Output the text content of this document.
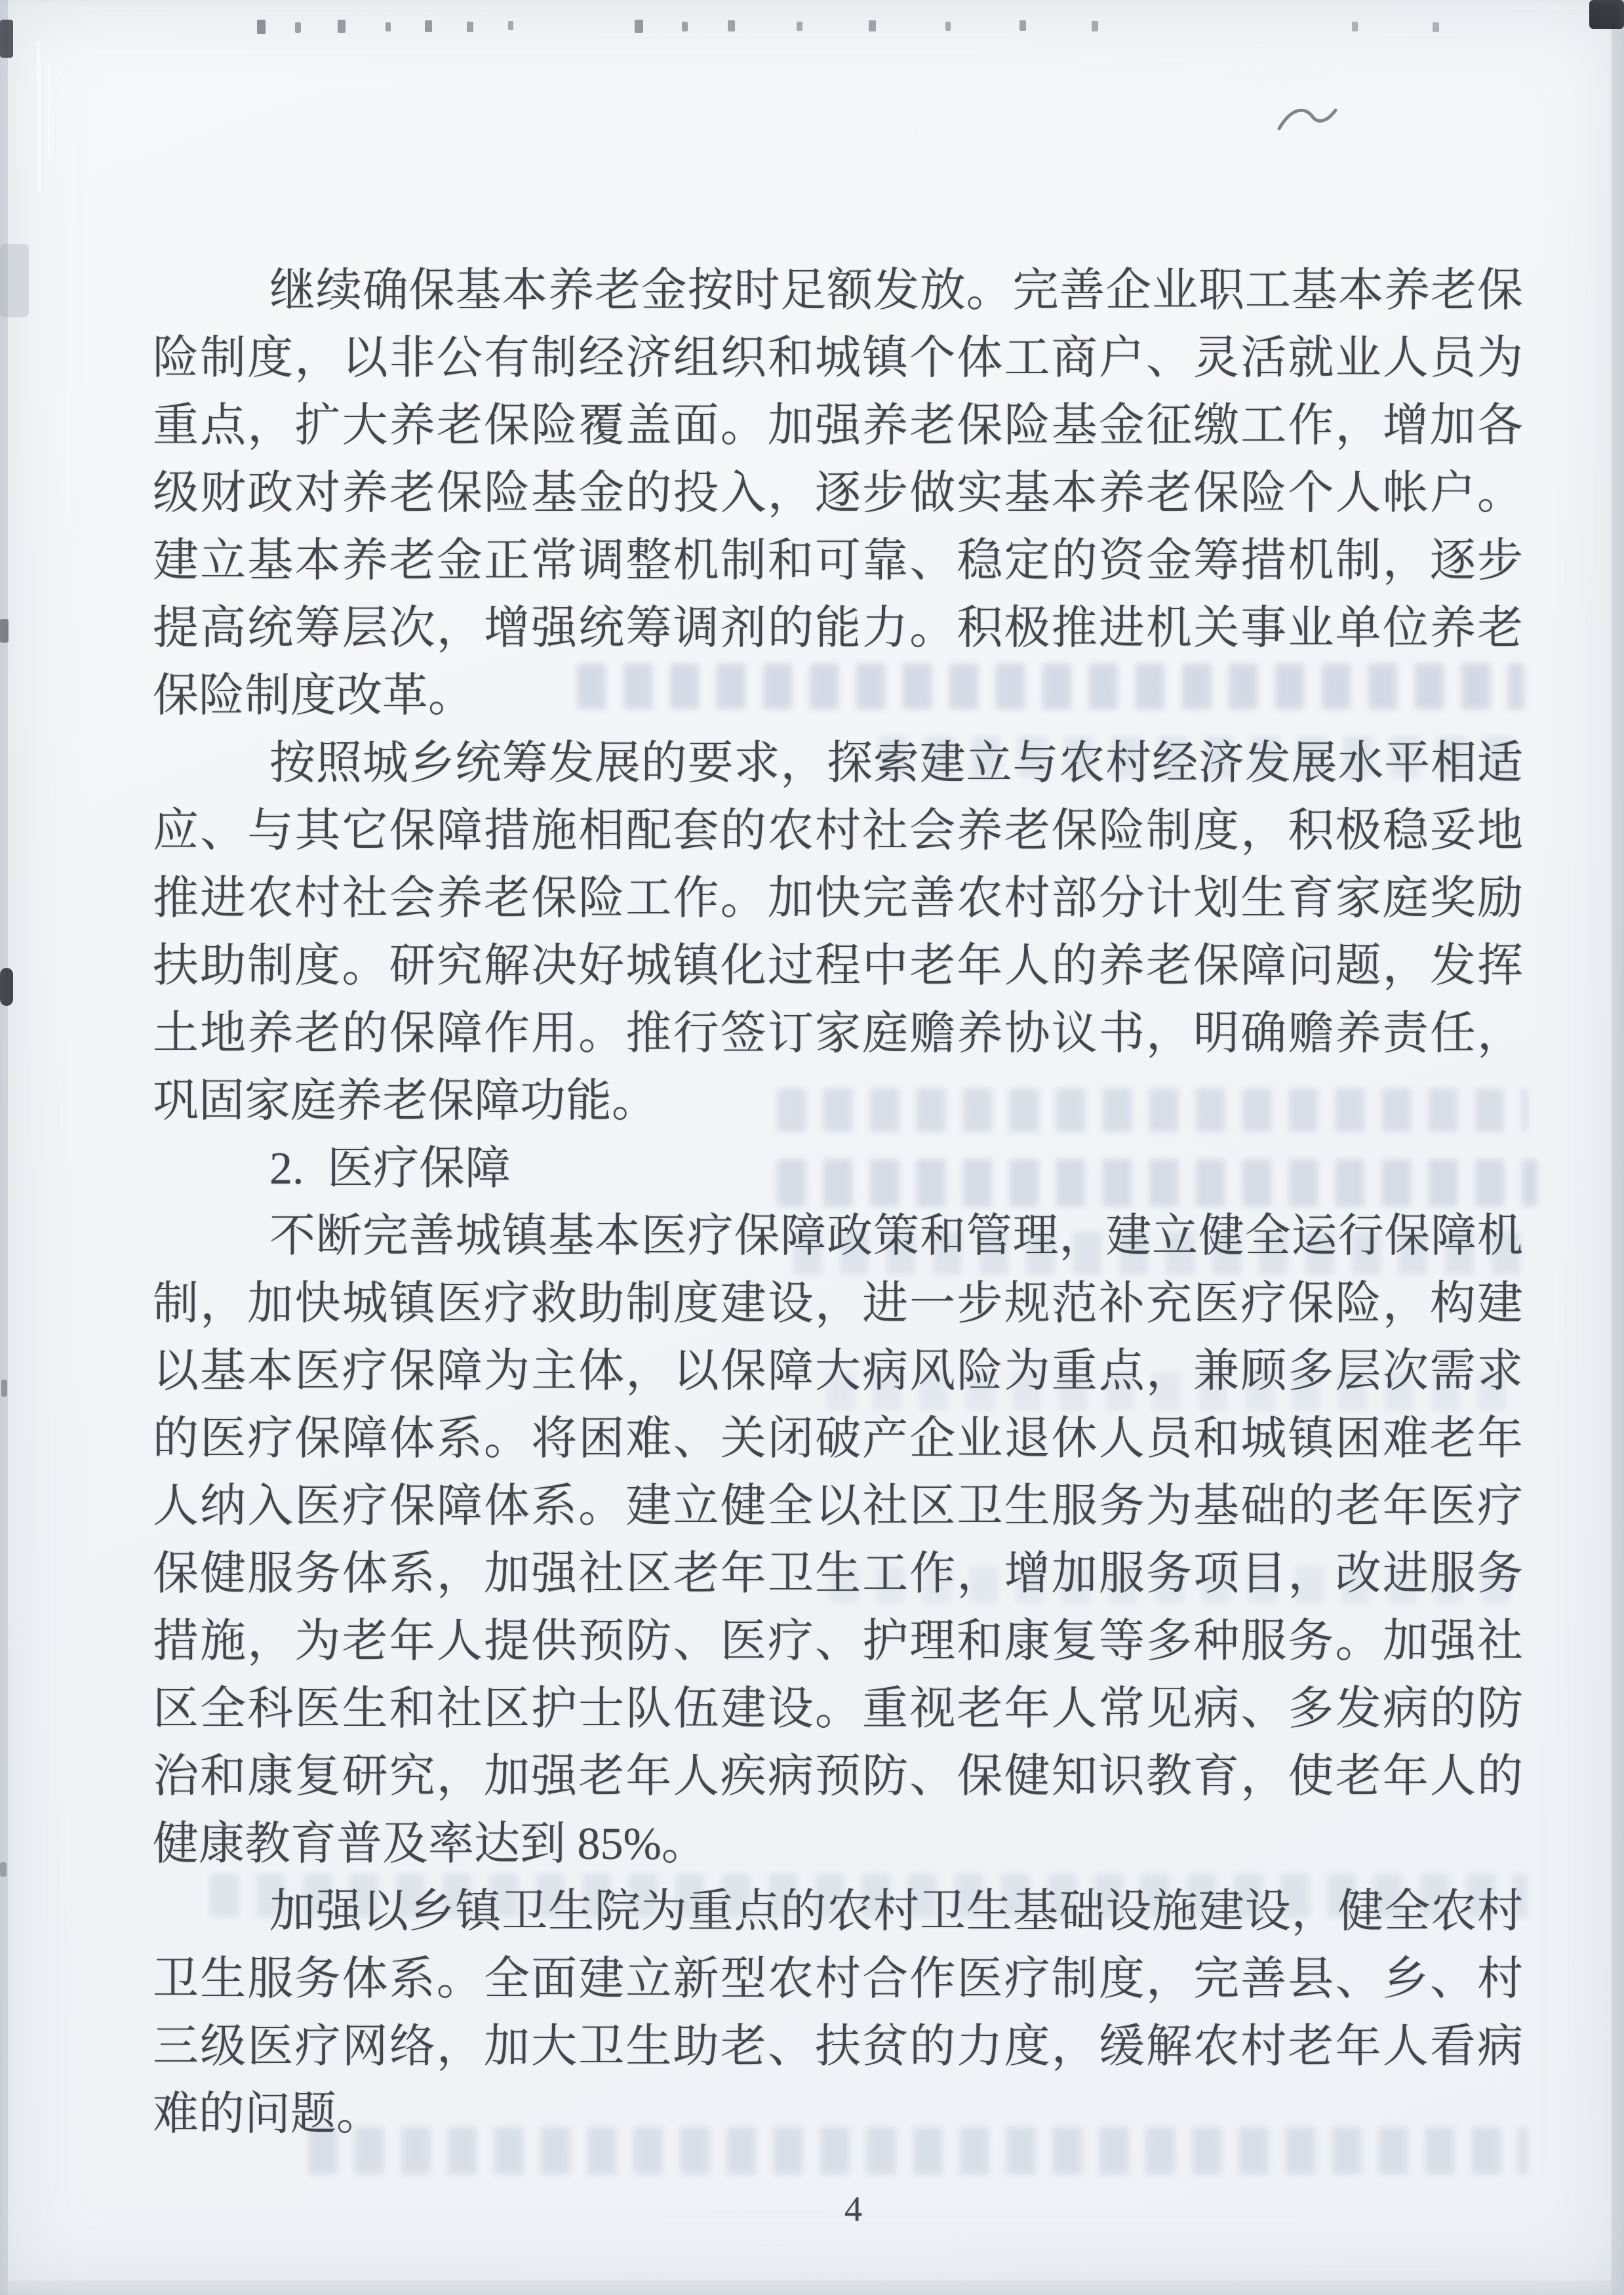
继续确保基本养老金按时足额发放。完善企业职工基本养老保
险制度，以非公有制经济组织和城镇个体工商户、灵活就业人员为
重点，扩大养老保险覆盖面。加强养老保险基金征缴工作，增加各
级财政对养老保险基金的投入，逐步做实基本养老保险个人帐户。
建立基本养老金正常调整机制和可靠、稳定的资金筹措机制，逐步
提高统筹层次，增强统筹调剂的能力。积极推进机关事业单位养老
保险制度改革。
按照城乡统筹发展的要求，探索建立与农村经济发展水平相适
应、与其它保障措施相配套的农村社会养老保险制度，积极稳妥地
推进农村社会养老保险工作。加快完善农村部分计划生育家庭奖励
扶助制度。研究解决好城镇化过程中老年人的养老保障问题，发挥
土地养老的保障作用。推行签订家庭赡养协议书，明确赡养责任，
巩固家庭养老保障功能。
2. 医疗保障
不断完善城镇基本医疗保障政策和管理，建立健全运行保障机
制，加快城镇医疗救助制度建设，进一步规范补充医疗保险，构建
以基本医疗保障为主体，以保障大病风险为重点，兼顾多层次需求
的医疗保障体系。将困难、关闭破产企业退休人员和城镇困难老年
人纳入医疗保障体系。建立健全以社区卫生服务为基础的老年医疗
保健服务体系，加强社区老年卫生工作，增加服务项目，改进服务
措施，为老年人提供预防、医疗、护理和康复等多种服务。加强社
区全科医生和社区护士队伍建设。重视老年人常见病、多发病的防
治和康复研究，加强老年人疾病预防、保健知识教育，使老年人的
健康教育普及率达到 85%。
加强以乡镇卫生院为重点的农村卫生基础设施建设，健全农村
卫生服务体系。全面建立新型农村合作医疗制度，完善县、乡、村
三级医疗网络，加大卫生助老、扶贫的力度，缓解农村老年人看病
难的问题。
4
